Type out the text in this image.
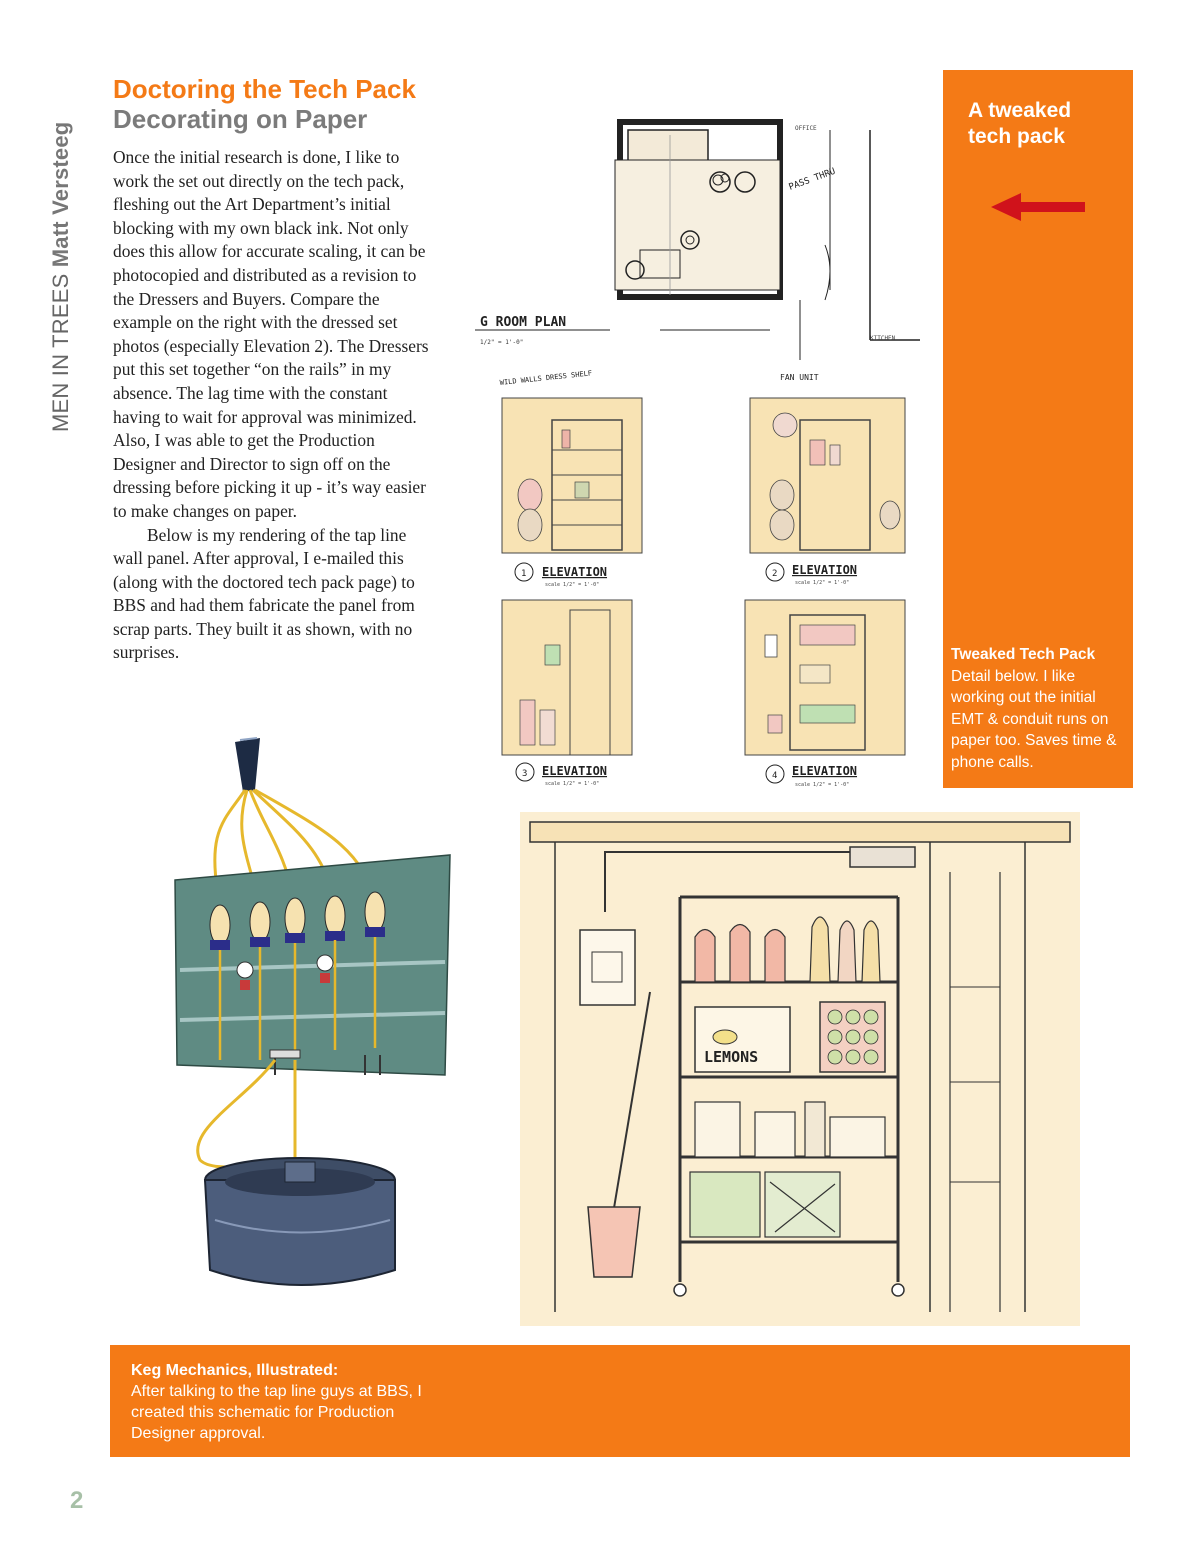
MEN IN TREES Matt Versteeg
Doctoring the Tech Pack
Decorating on Paper

Once the initial research is done, I like to work the set out directly on the tech pack, fleshing out the Art Department’s initial blocking with my own black ink. Not only does this allow for accurate scaling, it can be photocopied and distributed as a revision to the Dressers and Buyers. Compare the example on the right with the dressed set photos (especially Elevation 2). The Dressers put this set together “on the rails” in my absence. The lag time with the constant having to wait for approval was minimized. Also, I was able to get the Production Designer and Director to sign off on the dressing before picking it up - it’s way easier to make changes on paper.

Below is my rendering of the tap line wall panel. After approval, I e-mailed this (along with the doctored tech pack page) to BBS and had them fabricate the panel from scrap parts. They built it as shown, with no surprises.

G ROOM PLAN
1/2" = 1'-0"
PASS THRU
OFFICE
KITCHEN
WILD WALLS DRESS SHELF	FAN UNIT
1 ELEVATION
scale 1/2" = 1'-0"
2 ELEVATION
scale 1/2" = 1'-0"
3 ELEVATION
scale 1/2" = 1'-0"
4 ELEVATION
scale 1/2" = 1'-0"
A tweaked tech pack
Tweaked Tech Pack
Detail below. I like working out the initial EMT & conduit runs on paper too. Saves time & phone calls.
LEMONS
Keg Mechanics, Illustrated:
After talking to the tap line guys at BBS, I created this schematic for Production Designer approval.
2
